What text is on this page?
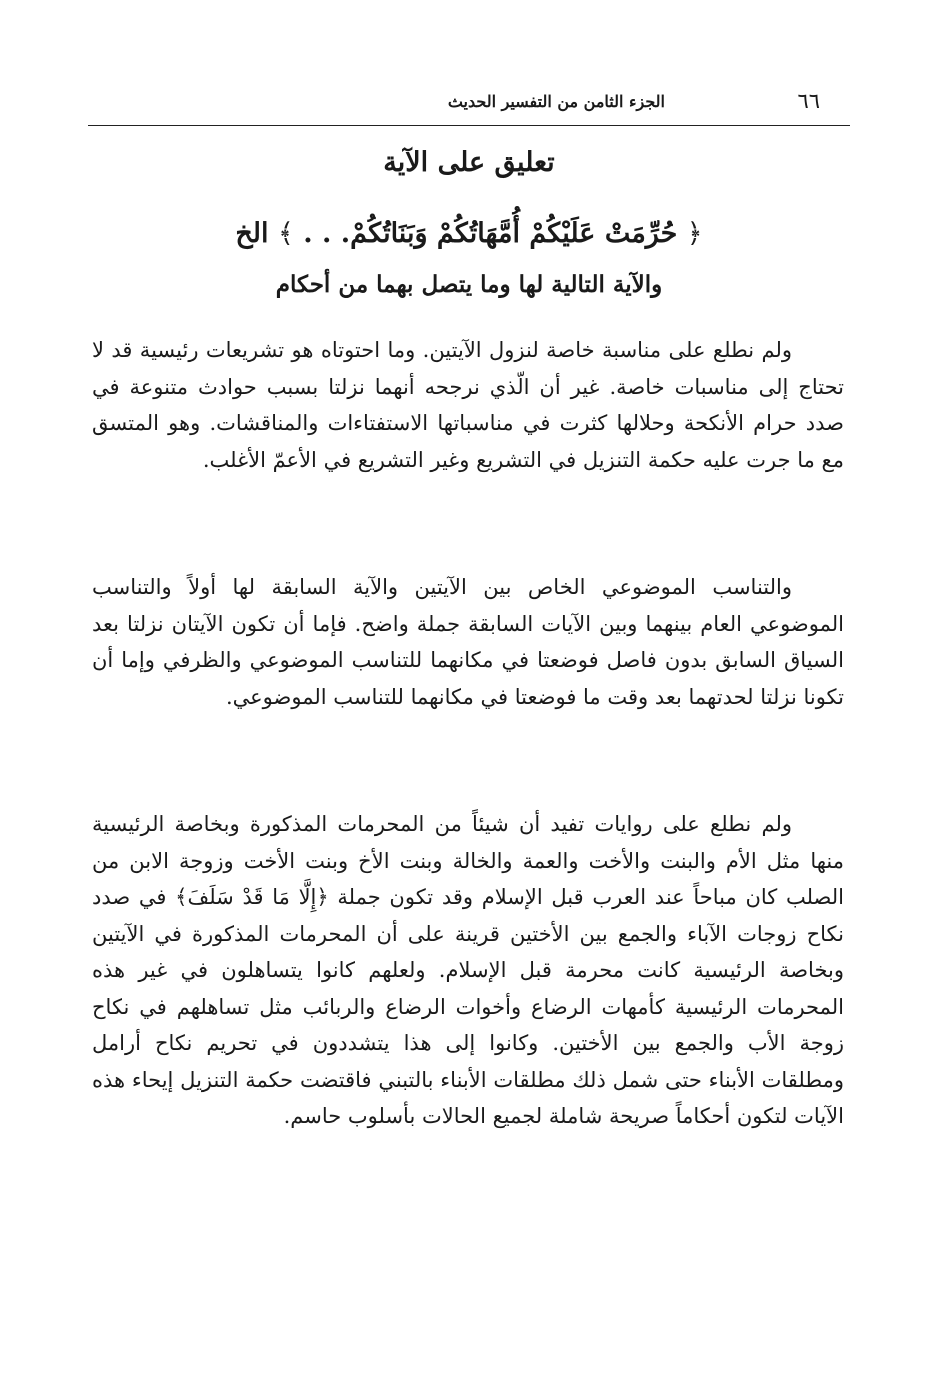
٦٦
الجزء الثامن من التفسير الحديث
تعليق على الآية
﴿ حُرِّمَتْ عَلَيْكُمْ أُمَّهَاتُكُمْ وَبَنَاتُكُمْ. . . ﴾ الخ
والآية التالية لها وما يتصل بهما من أحكام

ولم نطلع على مناسبة خاصة لنزول الآيتين. وما احتوتاه هو تشريعات رئيسية قد لا تحتاج إلى مناسبات خاصة. غير أن الّذي نرجحه أنهما نزلتا بسبب حوادث متنوعة في صدد حرام الأنكحة وحلالها كثرت في مناسباتها الاستفتاءات والمناقشات. وهو المتسق مع ما جرت عليه حكمة التنزيل في التشريع وغير التشريع في الأعمّ الأغلب.

والتناسب الموضوعي الخاص بين الآيتين والآية السابقة لها أولاً والتناسب الموضوعي العام بينهما وبين الآيات السابقة جملة واضح. فإما أن تكون الآيتان نزلتا بعد السياق السابق بدون فاصل فوضعتا في مكانهما للتناسب الموضوعي والظرفي وإما أن تكونا نزلتا لحدتهما بعد وقت ما فوضعتا في مكانهما للتناسب الموضوعي.

ولم نطلع على روايات تفيد أن شيئاً من المحرمات المذكورة وبخاصة الرئيسية منها مثل الأم والبنت والأخت والعمة والخالة وبنت الأخ وبنت الأخت وزوجة الابن من الصلب كان مباحاً عند العرب قبل الإسلام وقد تكون جملة ﴿إِلَّا مَا قَدْ سَلَفَ﴾ في صدد نكاح زوجات الآباء والجمع بين الأختين قرينة على أن المحرمات المذكورة في الآيتين وبخاصة الرئيسية كانت محرمة قبل الإسلام. ولعلهم كانوا يتساهلون في غير هذه المحرمات الرئيسية كأمهات الرضاع وأخوات الرضاع والربائب مثل تساهلهم في نكاح زوجة الأب والجمع بين الأختين. وكانوا إلى هذا يتشددون في تحريم نكاح أرامل ومطلقات الأبناء حتى شمل ذلك مطلقات الأبناء بالتبني فاقتضت حكمة التنزيل إيحاء هذه الآيات لتكون أحكاماً صريحة شاملة لجميع الحالات بأسلوب حاسم.
